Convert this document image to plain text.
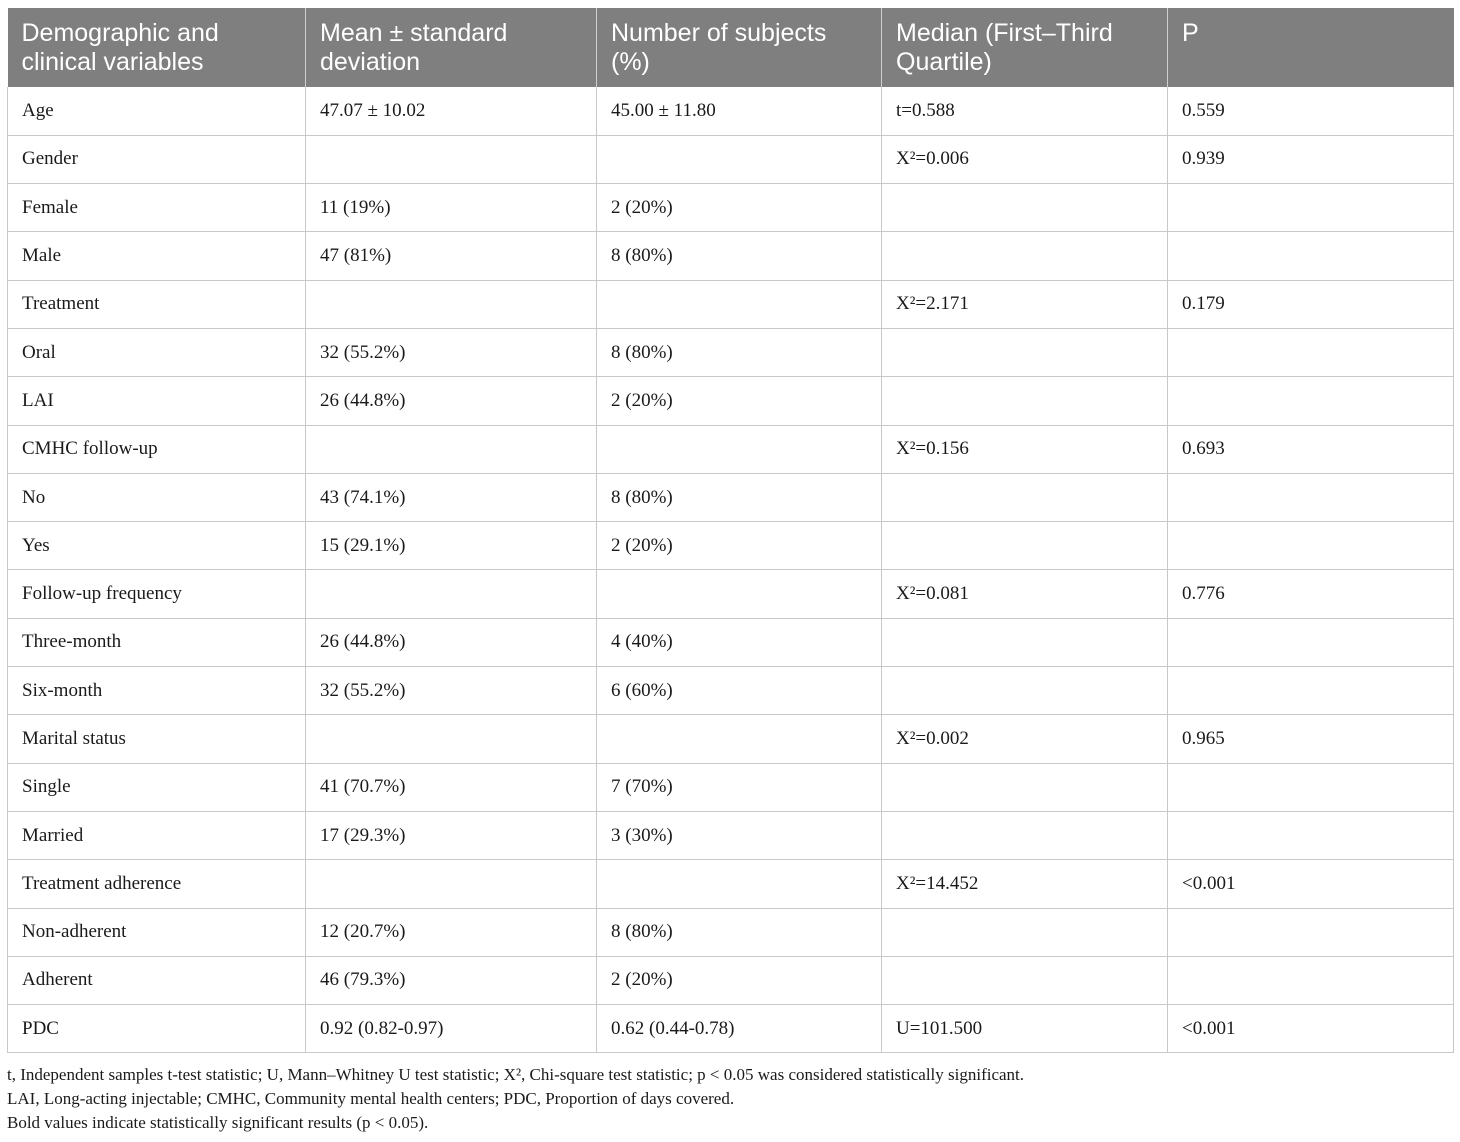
Demographic and clinical variables	Mean ± standard deviation	Number of subjects (%)	Median (First–Third Quartile)	P
Age	47.07 ± 10.02	45.00 ± 11.80	t=0.588	0.559
Gender			X²=0.006	0.939
Female	11 (19%)	2 (20%)		
Male	47 (81%)	8 (80%)		
Treatment			X²=2.171	0.179
Oral	32 (55.2%)	8 (80%)		
LAI	26 (44.8%)	2 (20%)		
CMHC follow-up			X²=0.156	0.693
No	43 (74.1%)	8 (80%)		
Yes	15 (29.1%)	2 (20%)		
Follow-up frequency			X²=0.081	0.776
Three-month	26 (44.8%)	4 (40%)		
Six-month	32 (55.2%)	6 (60%)		
Marital status			X²=0.002	0.965
Single	41 (70.7%)	7 (70%)		
Married	17 (29.3%)	3 (30%)		
Treatment adherence			X²=14.452	<0.001
Non-adherent	12 (20.7%)	8 (80%)		
Adherent	46 (79.3%)	2 (20%)		
PDC	0.92 (0.82-0.97)	0.62 (0.44-0.78)	U=101.500	<0.001

t, Independent samples t-test statistic; U, Mann–Whitney U test statistic; X², Chi-square test statistic; p < 0.05 was considered statistically significant.

LAI, Long-acting injectable; CMHC, Community mental health centers; PDC, Proportion of days covered.

Bold values indicate statistically significant results (p < 0.05).
